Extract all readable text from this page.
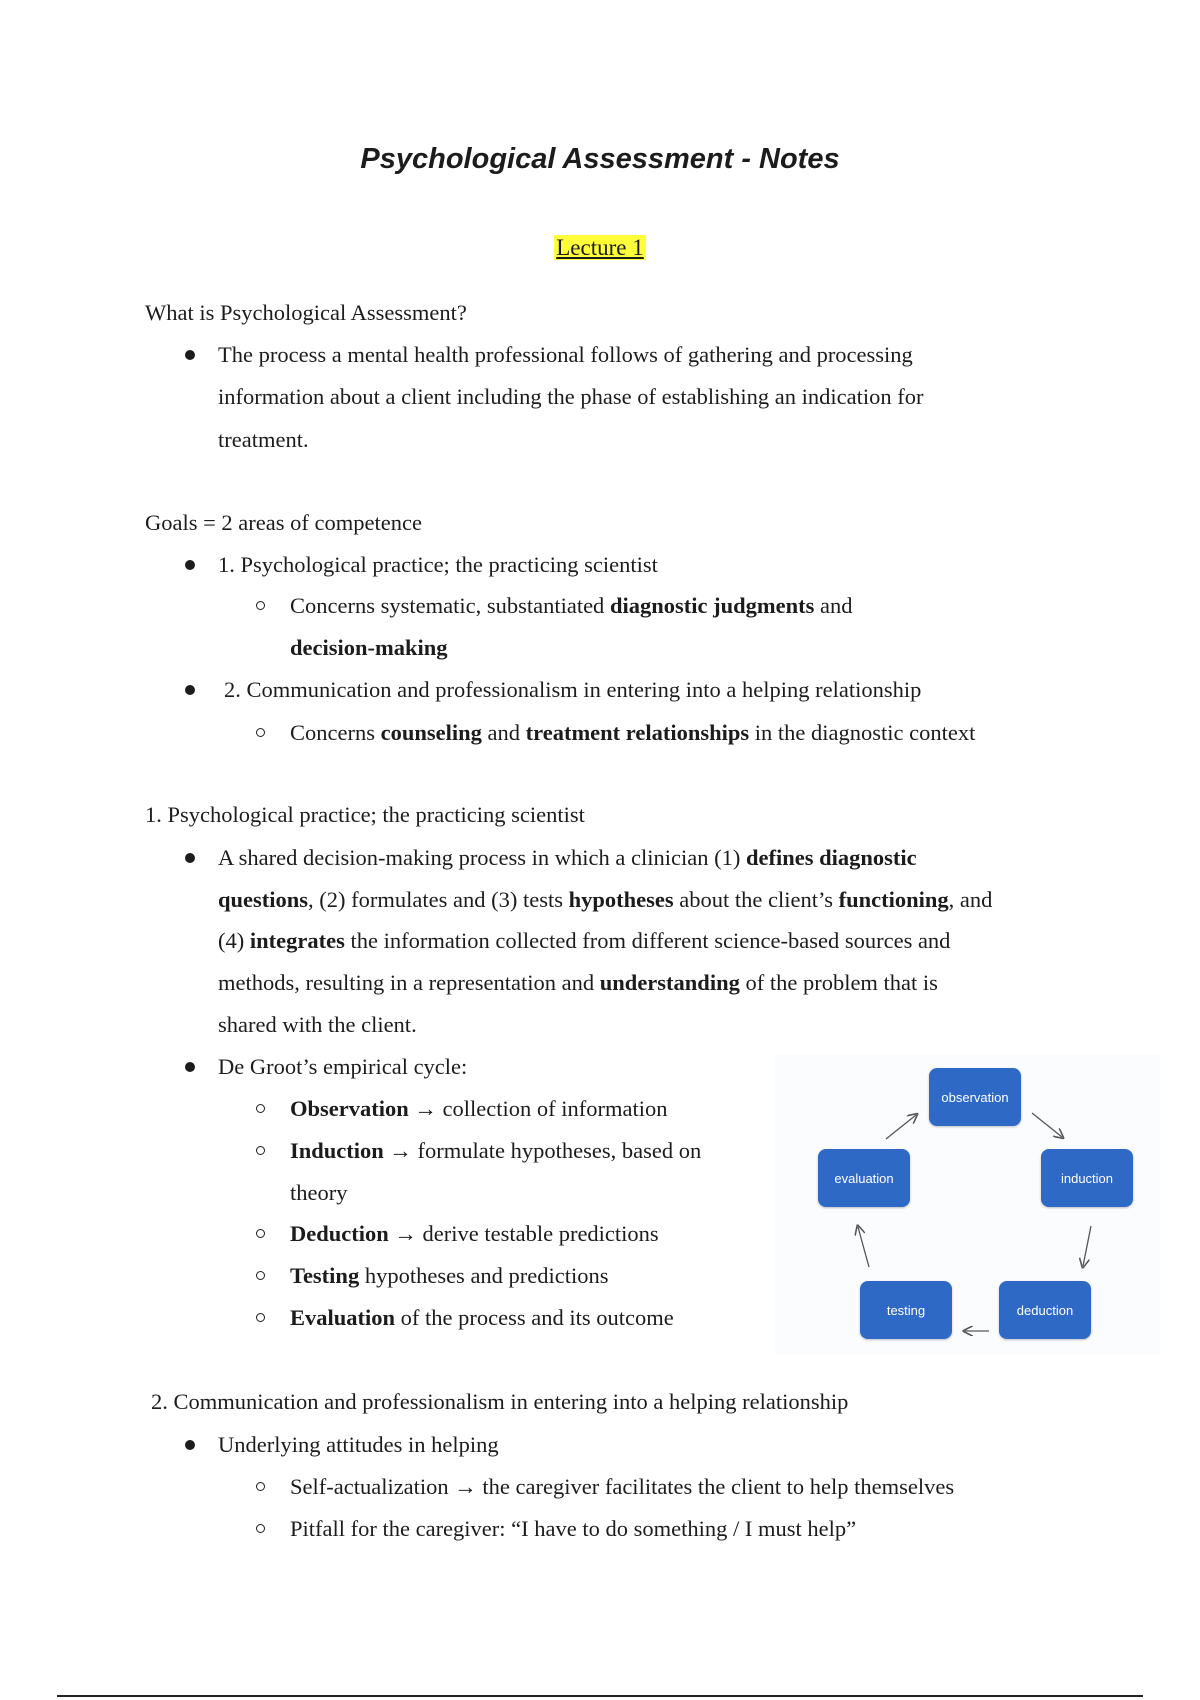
Psychological Assessment - Notes
Lecture 1
What is Psychological Assessment?
The process a mental health professional follows of gathering and processing
information about a client including the phase of establishing an indication for
treatment.
Goals = 2 areas of competence
1. Psychological practice; the practicing scientist
Concerns systematic, substantiated diagnostic judgments and
decision-making
2. Communication and professionalism in entering into a helping relationship
Concerns counseling and treatment relationships in the diagnostic context
1. Psychological practice; the practicing scientist
A shared decision-making process in which a clinician (1) defines diagnostic
questions, (2) formulates and (3) tests hypotheses about the client’s functioning, and
(4) integrates the information collected from different science-based sources and
methods, resulting in a representation and understanding of the problem that is
shared with the client.
De Groot’s empirical cycle:
Observation → collection of information
Induction → formulate hypotheses, based on
theory
Deduction → derive testable predictions
Testing hypotheses and predictions
Evaluation of the process and its outcome
observation
induction
deduction
testing
evaluation
2. Communication and professionalism in entering into a helping relationship
Underlying attitudes in helping
Self-actualization → the caregiver facilitates the client to help themselves
Pitfall for the caregiver: “I have to do something / I must help”
